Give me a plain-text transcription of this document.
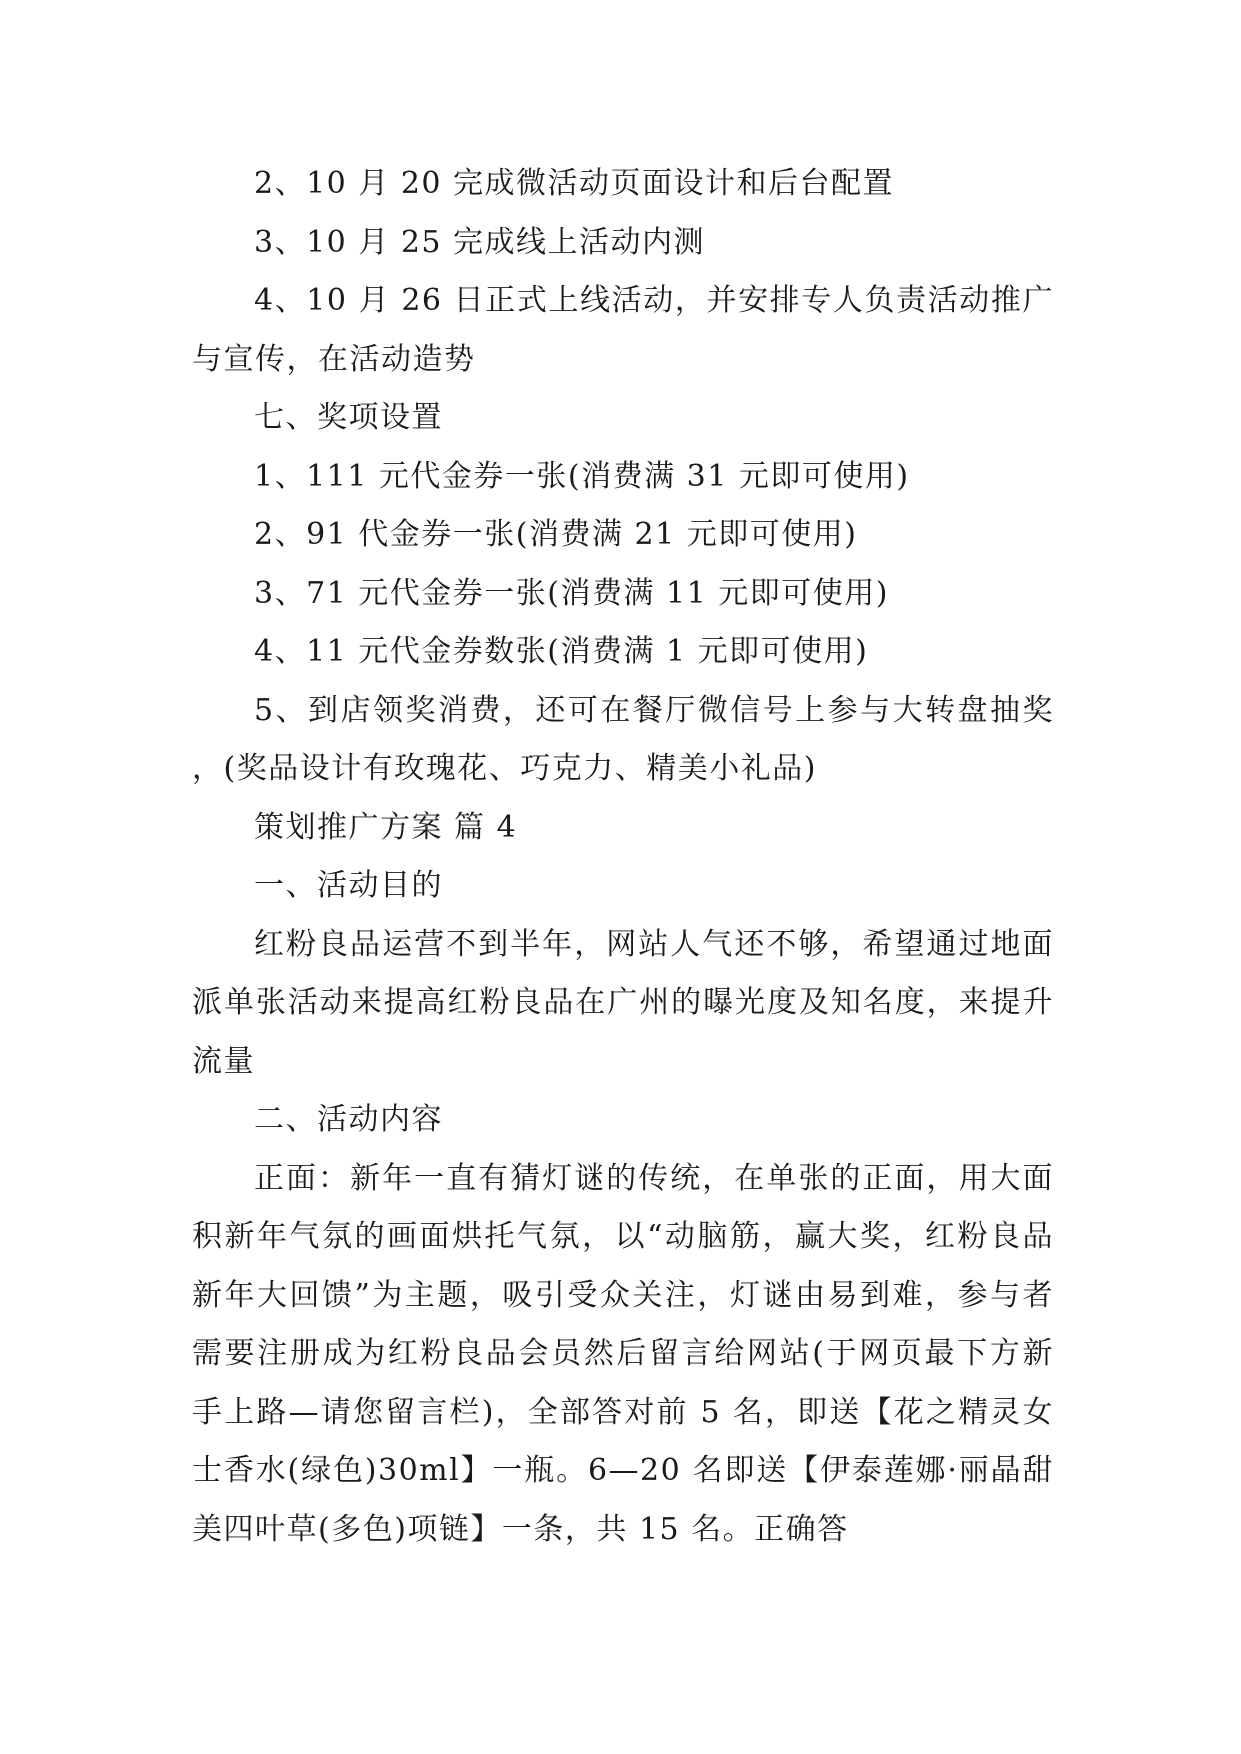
2、10 月 20 完成微活动页面设计和后台配置

3、10 月 25 完成线上活动内测

4、10 月 26 日正式上线活动，并安排专人负责活动推广与宣传，在活动造势

七、奖项设置

1、111 元代金券一张(消费满 31 元即可使用)

2、91 代金券一张(消费满 21 元即可使用)

3、71 元代金券一张(消费满 11 元即可使用)

4、11 元代金券数张(消费满 1 元即可使用)

5、到店领奖消费，还可在餐厅微信号上参与大转盘抽奖，(奖品设计有玫瑰花、巧克力、精美小礼品)

策划推广方案 篇 4

一、活动目的

红粉良品运营不到半年，网站人气还不够，希望通过地面派单张活动来提高红粉良品在广州的曝光度及知名度，来提升流量

二、活动内容

正面：新年一直有猜灯谜的传统，在单张的正面，用大面积新年气氛的画面烘托气氛，以“动脑筋，赢大奖，红粉良品新年大回馈”为主题，吸引受众关注，灯谜由易到难，参与者需要注册成为红粉良品会员然后留言给网站(于网页最下方新手上路—请您留言栏)，全部答对前 5 名，即送【花之精灵女士香水(绿色)30ml】一瓶。6—20 名即送【伊泰莲娜·丽晶甜美四叶草(多色)项链】一条，共 15 名。正确答
